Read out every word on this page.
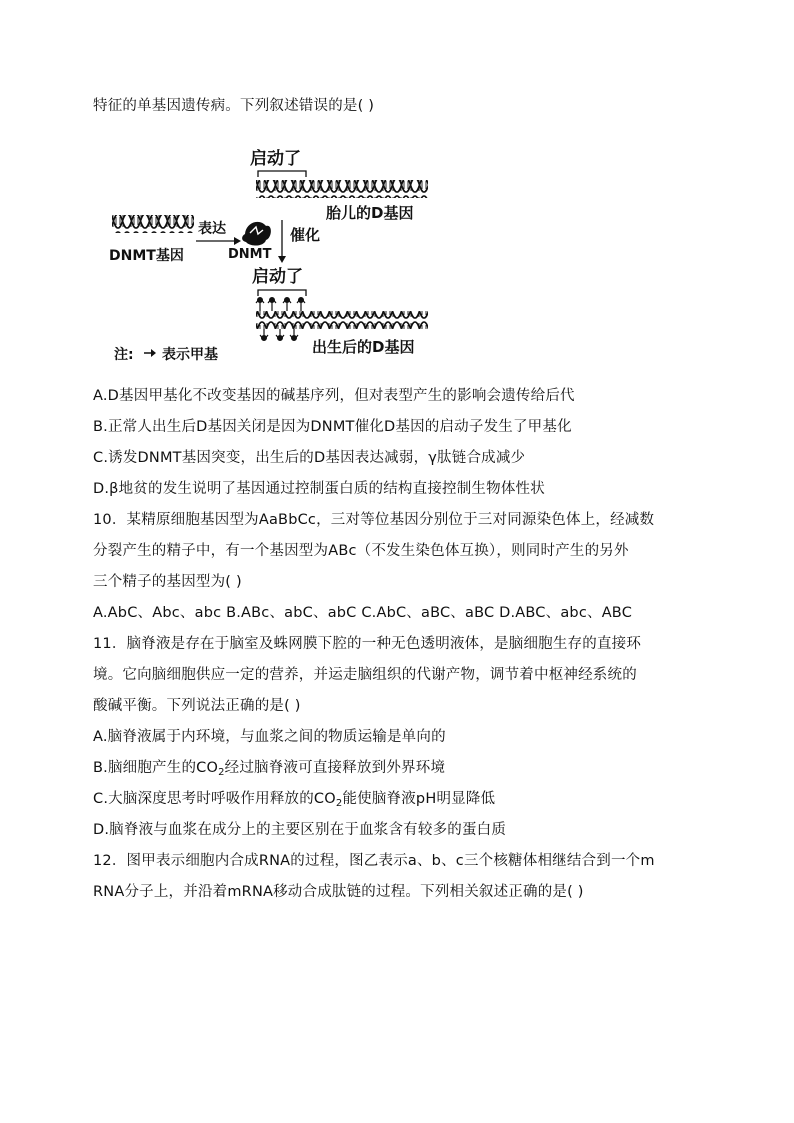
特征的单基因遗传病。下列叙述错误的是( )
启动了
胎儿的D基因
DNMT基因
表达
DNMT
催化
启动了
出生后的D基因
注: 表示甲基
A.D基因甲基化不改变基因的碱基序列，但对表型产生的影响会遗传给后代
B.正常人出生后D基因关闭是因为DNMT催化D基因的启动子发生了甲基化
C.诱发DNMT基因突变，出生后的D基因表达减弱，γ肽链合成减少
D.β地贫的发生说明了基因通过控制蛋白质的结构直接控制生物体性状
10．某精原细胞基因型为AaBbCc，三对等位基因分别位于三对同源染色体上，经减数
分裂产生的精子中，有一个基因型为ABc（不发生染色体互换），则同时产生的另外
三个精子的基因型为( )
A.AbC、Abc、abc B.ABc、abC、abC C.AbC、aBC、aBC D.ABC、abc、ABC
11．脑脊液是存在于脑室及蛛网膜下腔的一种无色透明液体，是脑细胞生存的直接环
境。它向脑细胞供应一定的营养，并运走脑组织的代谢产物，调节着中枢神经系统的
酸碱平衡。下列说法正确的是( )
A.脑脊液属于内环境，与血浆之间的物质运输是单向的
B.脑细胞产生的$CO_2$经过脑脊液可直接释放到外界环境
C.大脑深度思考时呼吸作用释放的$CO_2$能使脑脊液pH明显降低
D.脑脊液与血浆在成分上的主要区别在于血浆含有较多的蛋白质
12．图甲表示细胞内合成RNA的过程，图乙表示a、b、c三个核糖体相继结合到一个m
RNA分子上，并沿着mRNA移动合成肽链的过程。下列相关叙述正确的是( )
